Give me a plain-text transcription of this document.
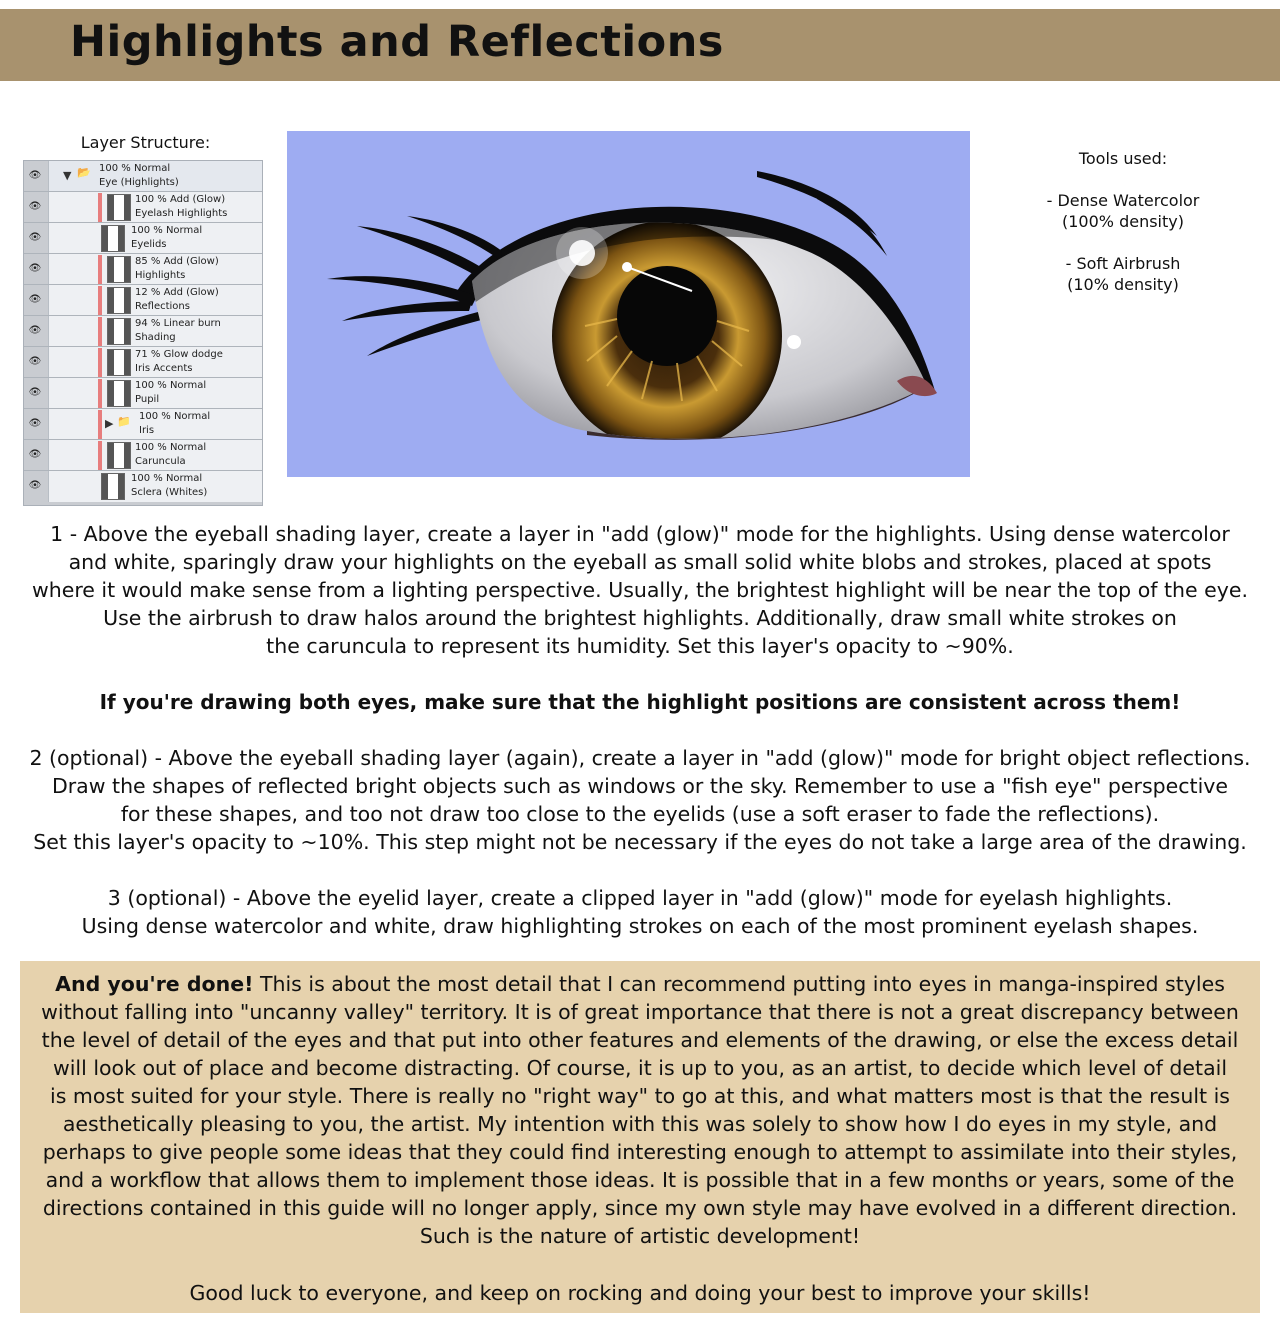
Highlights and Reflections
Layer Structure:
👁 ▼ 📂 100 % Normal
Eye (Highlights)
👁
100 % Add (Glow)
Eyelash Highlights
👁
100 % Normal
Eyelids
👁
85 % Add (Glow)
Highlights
👁
12 % Add (Glow)
Reflections
👁
94 % Linear burn
Shading
👁
71 % Glow dodge
Iris Accents
👁
100 % Normal
Pupil
👁	▶ 📁 100 % Normal
Iris
👁
100 % Normal
Caruncula
👁
100 % Normal
Sclera (Whites)
Tools used:
- Dense Watercolor
(100% density)
- Soft Airbrush
(10% density)
1 - Above the eyeball shading layer, create a layer in "add (glow)" mode for the highlights. Using dense watercolor
and white, sparingly draw your highlights on the eyeball as small solid white blobs and strokes, placed at spots
where it would make sense from a lighting perspective. Usually, the brightest highlight will be near the top of the eye.
Use the airbrush to draw halos around the brightest highlights. Additionally, draw small white strokes on
the caruncula to represent its humidity. Set this layer's opacity to ~90%.
If you're drawing both eyes, make sure that the highlight positions are consistent across them!
2 (optional) - Above the eyeball shading layer (again), create a layer in "add (glow)" mode for bright object reflections.
Draw the shapes of reflected bright objects such as windows or the sky. Remember to use a "fish eye" perspective
for these shapes, and too not draw too close to the eyelids (use a soft eraser to fade the reflections).
Set this layer's opacity to ~10%. This step might not be necessary if the eyes do not take a large area of the drawing.
3 (optional) - Above the eyelid layer, create a clipped layer in "add (glow)" mode for eyelash highlights.
Using dense watercolor and white, draw highlighting strokes on each of the most prominent eyelash shapes.
And you're done! This is about the most detail that I can recommend putting into eyes in manga-inspired styles
without falling into "uncanny valley" territory. It is of great importance that there is not a great discrepancy between
the level of detail of the eyes and that put into other features and elements of the drawing, or else the excess detail
will look out of place and become distracting. Of course, it is up to you, as an artist, to decide which level of detail
is most suited for your style. There is really no "right way" to go at this, and what matters most is that the result is
aesthetically pleasing to you, the artist. My intention with this was solely to show how I do eyes in my style, and
perhaps to give people some ideas that they could find interesting enough to attempt to assimilate into their styles,
and a workflow that allows them to implement those ideas. It is possible that in a few months or years, some of the
directions contained in this guide will no longer apply, since my own style may have evolved in a different direction.
Such is the nature of artistic development!
Good luck to everyone, and keep on rocking and doing your best to improve your skills!
